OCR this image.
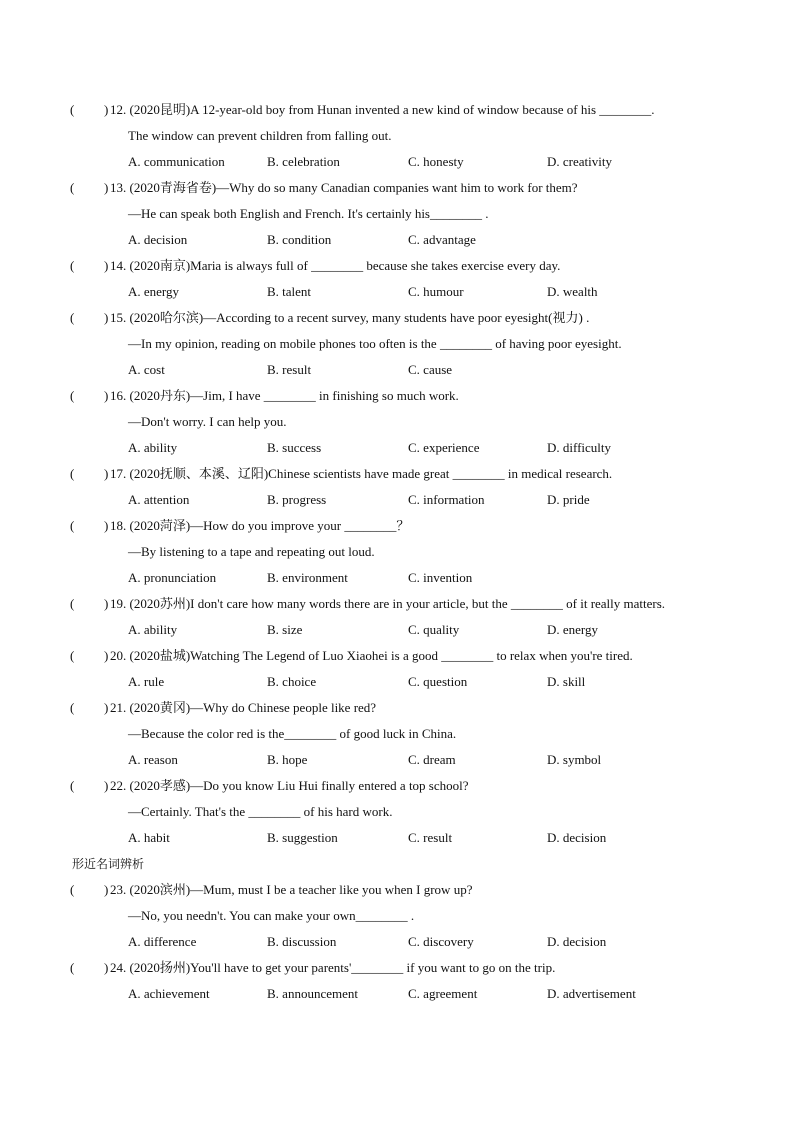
(	) 12. (2020昆明)A 12-year-old boy from Hunan invented a new kind of window because of his ________.
The window can prevent children from falling out.
A. communication	B. celebration	C. honesty	D. creativity
(	) 13. (2020青海省卷)—Why do so many Canadian companies want him to work for them?
—He can speak both English and French. It's certainly his________ .
A. decision	B. condition	C. advantage
(	) 14. (2020南京)Maria is always full of ________ because she takes exercise every day.
A. energy	B. talent	C. humour	D. wealth
(	) 15. (2020哈尔滨)—According to a recent survey, many students have poor eyesight(视力) .
—In my opinion, reading on mobile phones too often is the ________ of having poor eyesight.
A. cost	B. result	C. cause
(	) 16. (2020丹东)—Jim, I have ________ in finishing so much work.
—Don't worry. I can help you.
A. ability	B. success	C. experience	D. difficulty
(	) 17. (2020抚顺、本溪、辽阳)Chinese scientists have made great ________ in medical research.
A. attention	B. progress	C. information	D. pride
(	) 18. (2020菏泽)—How do you improve your ________？
—By listening to a tape and repeating out loud.
A. pronunciation	B. environment	C. invention
(	) 19. (2020苏州)I don't care how many words there are in your article, but the ________ of it really matters.
A. ability	B. size	C. quality	D. energy
(	) 20. (2020盐城)Watching The Legend of Luo Xiaohei is a good ________ to relax when you're tired.
A. rule	B. choice	C. question	D. skill
(	) 21. (2020黄冈)—Why do Chinese people like red?
—Because the color red is the________ of good luck in China.
A. reason	B. hope	C. dream	D. symbol
(	) 22. (2020孝感)—Do you know Liu Hui finally entered a top school?
—Certainly. That's the ________ of his hard work.
A. habit	B. suggestion	C. result	D. decision
形近名词辨析
(	) 23. (2020滨州)—Mum, must I be a teacher like you when I grow up?
—No, you needn't. You can make your own________ .
A. difference	B. discussion	C. discovery	D. decision
(	) 24. (2020扬州)You'll have to get your parents'________ if you want to go on the trip.
A. achievement	B. announcement	C. agreement	D. advertisement
